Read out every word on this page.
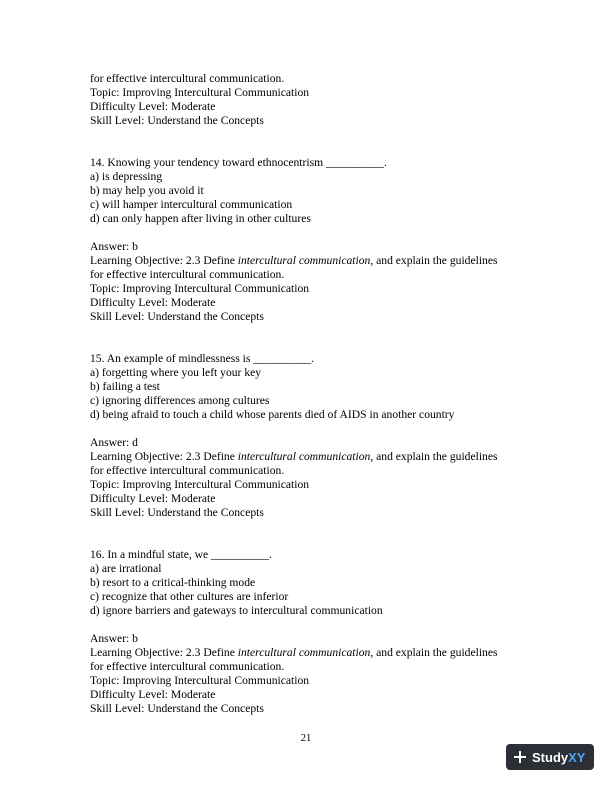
for effective intercultural communication.
Topic: Improving Intercultural Communication
Difficulty Level: Moderate
Skill Level: Understand the Concepts
14. Knowing your tendency toward ethnocentrism __________.
a) is depressing
b) may help you avoid it
c) will hamper intercultural communication
d) can only happen after living in other cultures
Answer: b
Learning Objective: 2.3 Define intercultural communication, and explain the guidelines
for effective intercultural communication.
Topic: Improving Intercultural Communication
Difficulty Level: Moderate
Skill Level: Understand the Concepts
15. An example of mindlessness is __________.
a) forgetting where you left your key
b) failing a test
c) ignoring differences among cultures
d) being afraid to touch a child whose parents died of AIDS in another country
Answer: d
Learning Objective: 2.3 Define intercultural communication, and explain the guidelines
for effective intercultural communication.
Topic: Improving Intercultural Communication
Difficulty Level: Moderate
Skill Level: Understand the Concepts
16. In a mindful state, we __________.
a) are irrational
b) resort to a critical-thinking mode
c) recognize that other cultures are inferior
d) ignore barriers and gateways to intercultural communication
Answer: b
Learning Objective: 2.3 Define intercultural communication, and explain the guidelines
for effective intercultural communication.
Topic: Improving Intercultural Communication
Difficulty Level: Moderate
Skill Level: Understand the Concepts
21
Study XY
